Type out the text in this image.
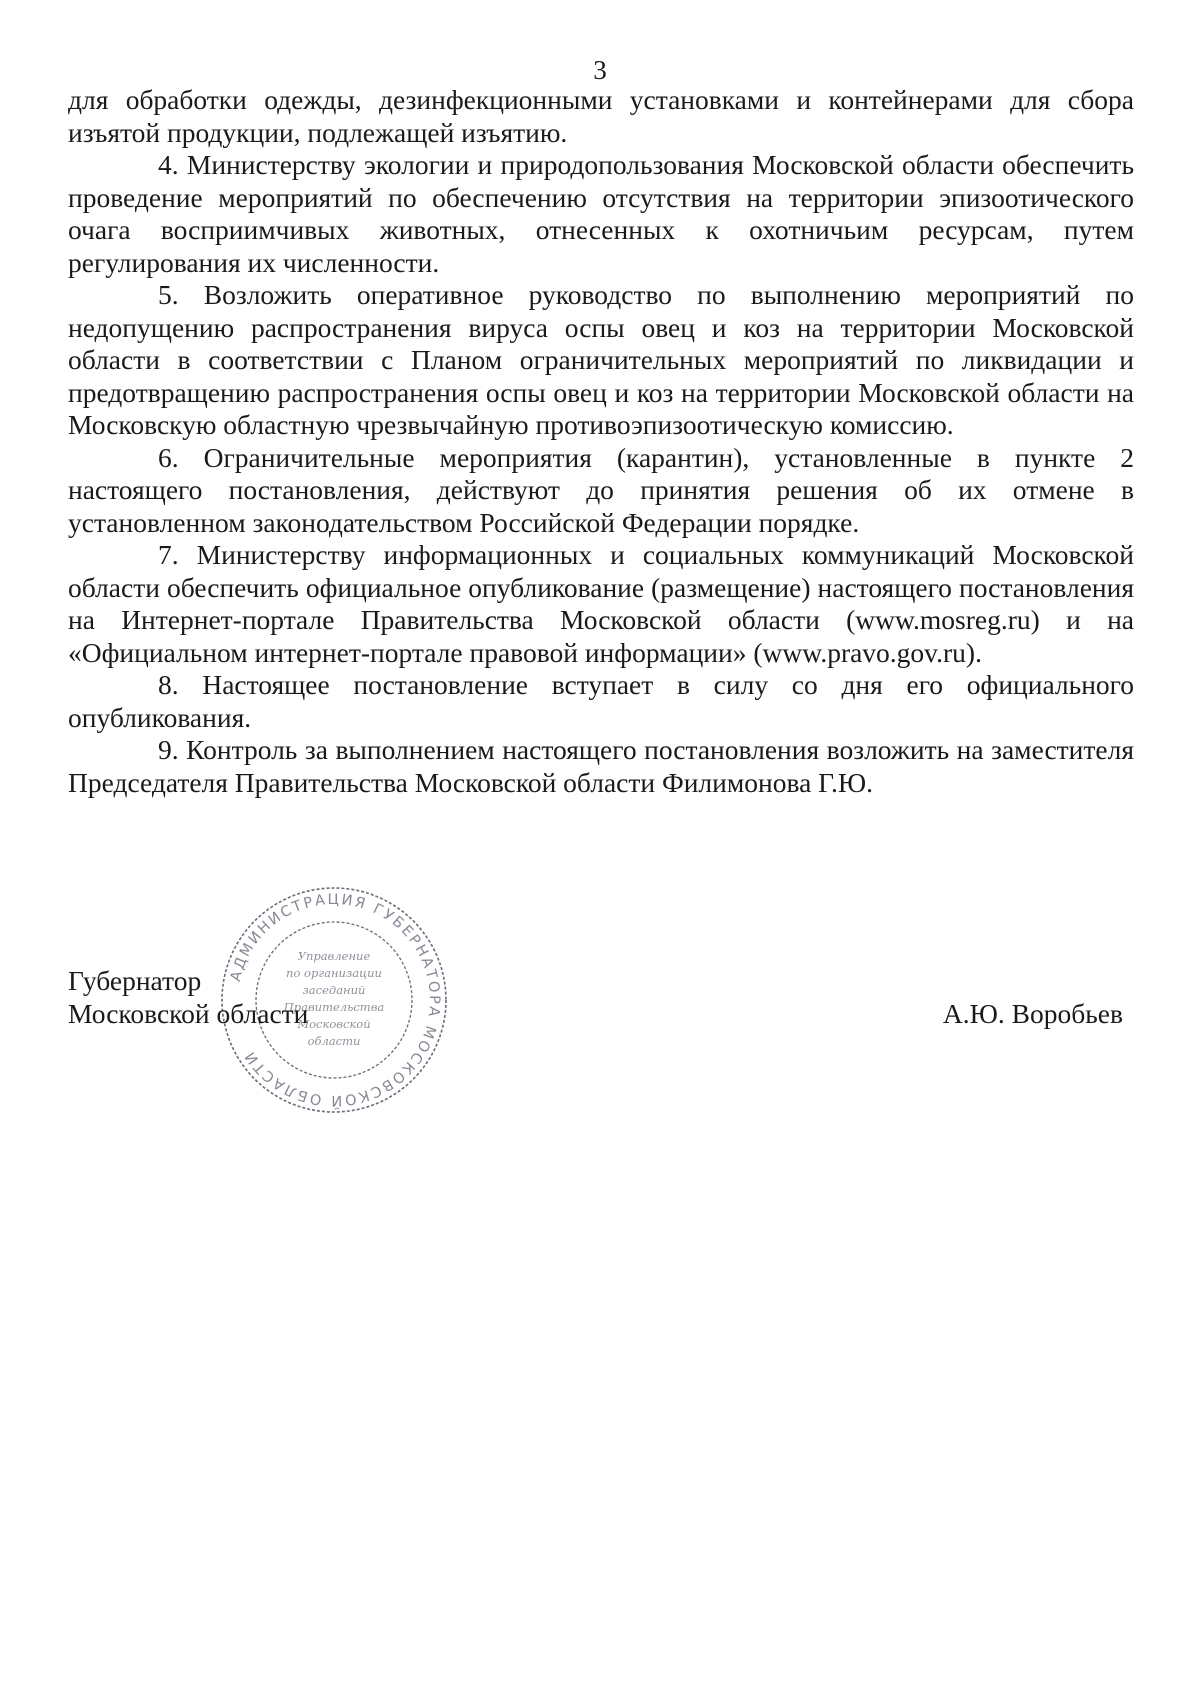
3

для обработки одежды, дезинфекционными установками и контейнерами для сбора изъятой продукции, подлежащей изъятию.

4. Министерству экологии и природопользования Московской области обеспечить проведение мероприятий по обеспечению отсутствия на территории эпизоотического очага восприимчивых животных, отнесенных к охотничьим ресурсам, путем регулирования их численности.

5. Возложить оперативное руководство по выполнению мероприятий по недопущению распространения вируса оспы овец и коз на территории Московской области в соответствии с Планом ограничительных мероприятий по ликвидации и предотвращению распространения оспы овец и коз на территории Московской области на Московскую областную чрезвычайную противоэпизоотическую комиссию.

6. Ограничительные мероприятия (карантин), установленные в пункте 2 настоящего постановления, действуют до принятия решения об их отмене в установленном законодательством Российской Федерации порядке.

7. Министерству информационных и социальных коммуникаций Московской области обеспечить официальное опубликование (размещение) настоящего постановления на Интернет-портале Правительства Московской области (www.mosreg.ru) и на «Официальном интернет-портале правовой информации» (www.pravo.gov.ru).

8. Настоящее постановление вступает в силу со дня его официального опубликования.

9. Контроль за выполнением настоящего постановления возложить на заместителя Председателя Правительства Московской области Филимонова Г.Ю.

АДМИНИСТРАЦИЯ ГУБЕРНАТОРА МОСКОВСКОЙ ОБЛАСТИ
Управление
по организации
заседаний
Правительства
Московской
области
Губернатор
Московской области	А.Ю. Воробьев
